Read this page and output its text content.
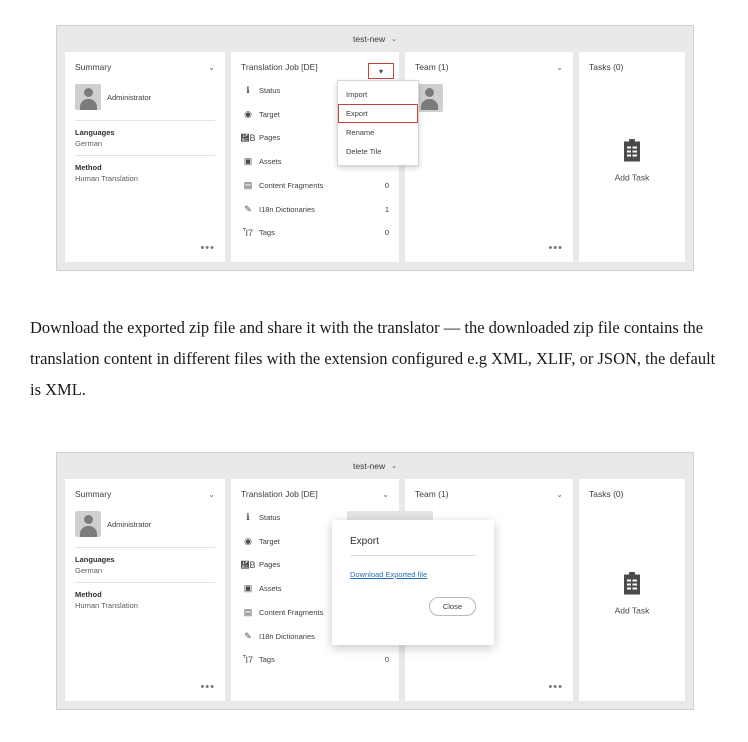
test-new ⌄
Summary	⌄
Administrator
Languages
German
Method
Human Translation
•••
Translation Job [DE]
ℹ	Status
◉ Target
὜B Pages
▣ Assets
▤ Content Fragments	0
✎ I18n Dictionaries	1
Ἷ7 Tags	0
Team (1)	⌄
•••
Tasks (0)
Add Task
▾
Import
Export
Rename
Delete Tile
Download the exported zip file and share it with the translator — the downloaded zip file contains the translation content in different files with the extension configured e.g XML, XLIF, or JSON, the default is XML.
test-new ⌄
Summary	⌄
Administrator
Languages
German
Method
Human Translation
•••
Translation Job [DE]	⌄
ℹ	Status
◉ Target
὜B Pages
▣ Assets
▤ Content Fragments
✎ I18n Dictionaries
Ἷ7 Tags	0
Team (1)	⌄
•••
Tasks (0)
Add Task
Export
Download Exported file
Close
